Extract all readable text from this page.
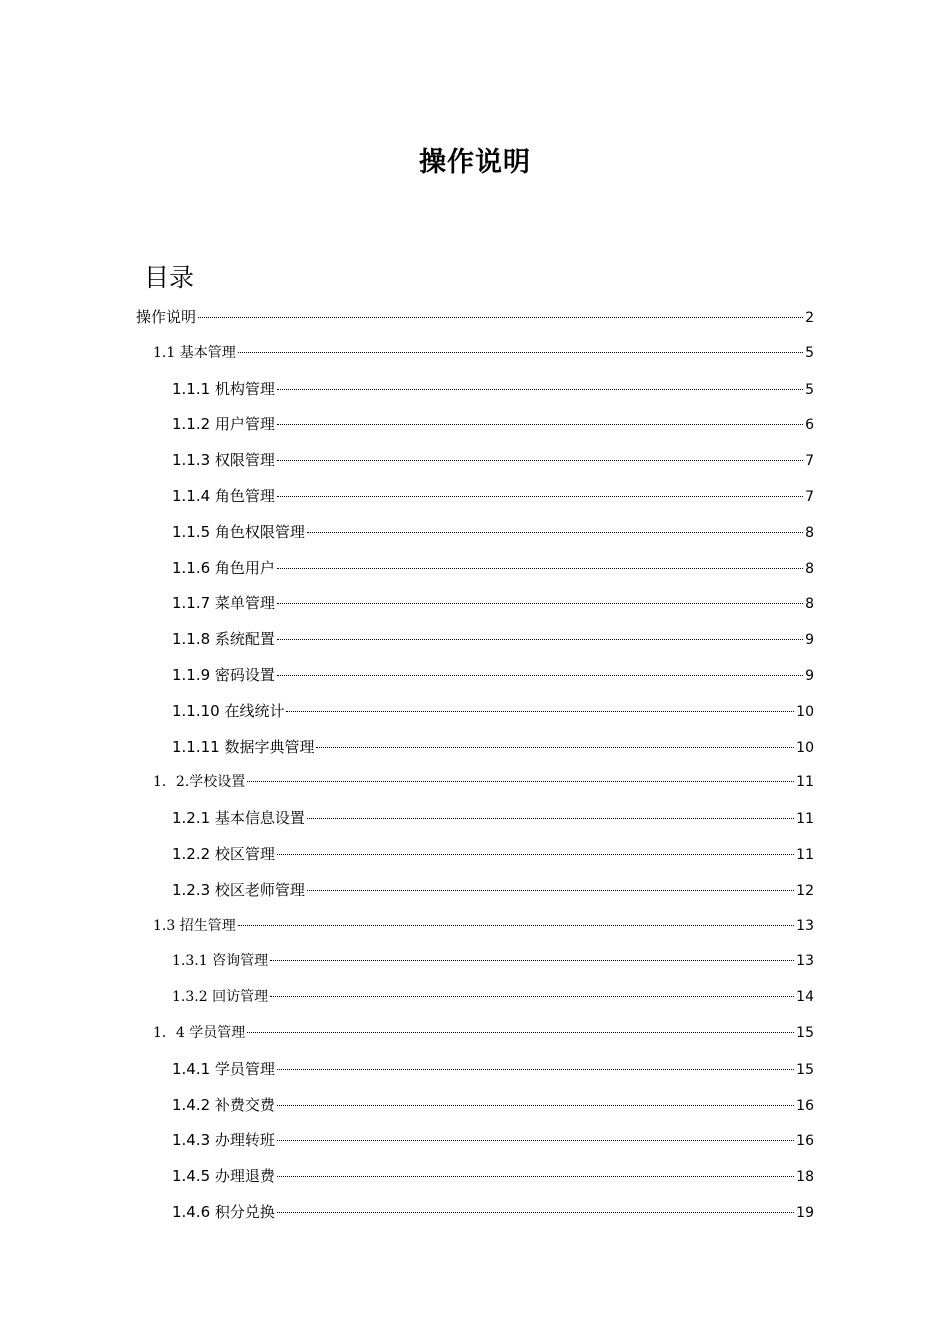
操作说明
目录
操作说明	2
1.1 基本管理	5
1.1.1 机构管理	5
1.1.2 用户管理	6
1.1.3 权限管理	7
1.1.4 角色管理	7
1.1.5 角色权限管理	8
1.1.6 角色用户	8
1.1.7 菜单管理	8
1.1.8 系统配置	9
1.1.9 密码设置	9
1.1.10 在线统计	10
1.1.11 数据字典管理	10
1．2.学校设置	11
1.2.1 基本信息设置	11
1.2.2 校区管理	11
1.2.3 校区老师管理	12
1.3 招生管理	13
1.3.1 咨询管理	13
1.3.2 回访管理	14
1．4 学员管理	15
1.4.1 学员管理	15
1.4.2 补费交费	16
1.4.3 办理转班	16
1.4.5 办理退费	18
1.4.6 积分兑换	19
